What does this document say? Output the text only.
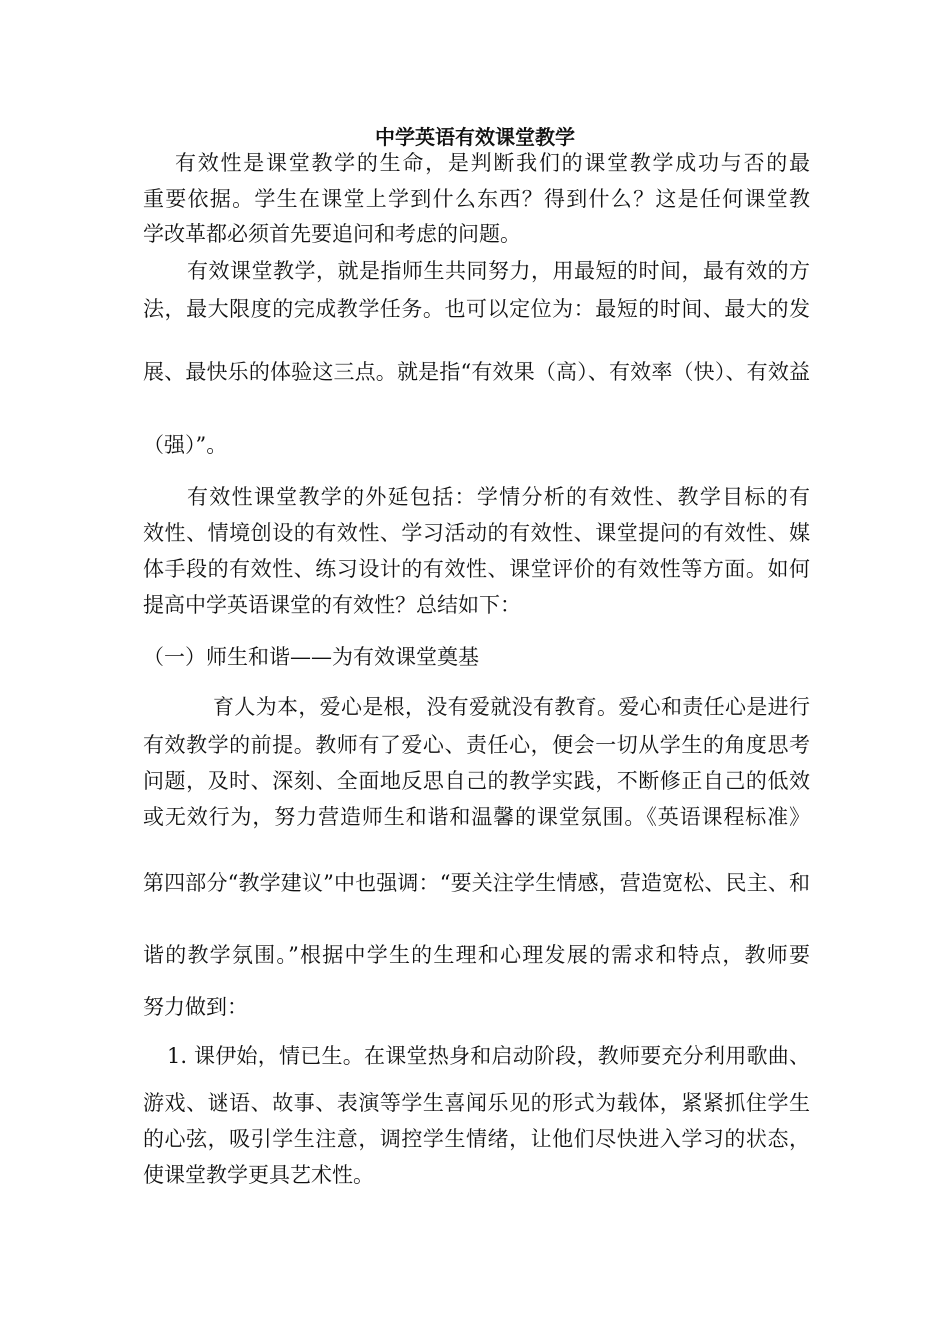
中学英语有效课堂教学

有效性是课堂教学的生命，是判断我们的课堂教学成功与否的最

重要依据。学生在课堂上学到什么东西？得到什么？这是任何课堂教

学改革都必须首先要追问和考虑的问题。

有效课堂教学，就是指师生共同努力，用最短的时间，最有效的方

法，最大限度的完成教学任务。也可以定位为：最短的时间、最大的发

展、最快乐的体验这三点。就是指“有效果（高）、有效率（快）、有效益

（强）”。

有效性课堂教学的外延包括：学情分析的有效性、教学目标的有

效性、情境创设的有效性、学习活动的有效性、课堂提问的有效性、媒

体手段的有效性、练习设计的有效性、课堂评价的有效性等方面。如何

提高中学英语课堂的有效性？总结如下：

（一）师生和谐——为有效课堂奠基

育人为本，爱心是根，没有爱就没有教育。爱心和责任心是进行

有效教学的前提。教师有了爱心、责任心，便会一切从学生的角度思考

问题，及时、深刻、全面地反思自己的教学实践，不断修正自己的低效

或无效行为，努力营造师生和谐和温馨的课堂氛围。《英语课程标准》

第四部分“教学建议”中也强调：“要关注学生情感，营造宽松、民主、和

谐的教学氛围。”根据中学生的生理和心理发展的需求和特点，教师要

努力做到：

1. 课伊始，情已生。在课堂热身和启动阶段，教师要充分利用歌曲、

游戏、谜语、故事、表演等学生喜闻乐见的形式为载体，紧紧抓住学生

的心弦，吸引学生注意，调控学生情绪，让他们尽快进入学习的状态，

使课堂教学更具艺术性。
